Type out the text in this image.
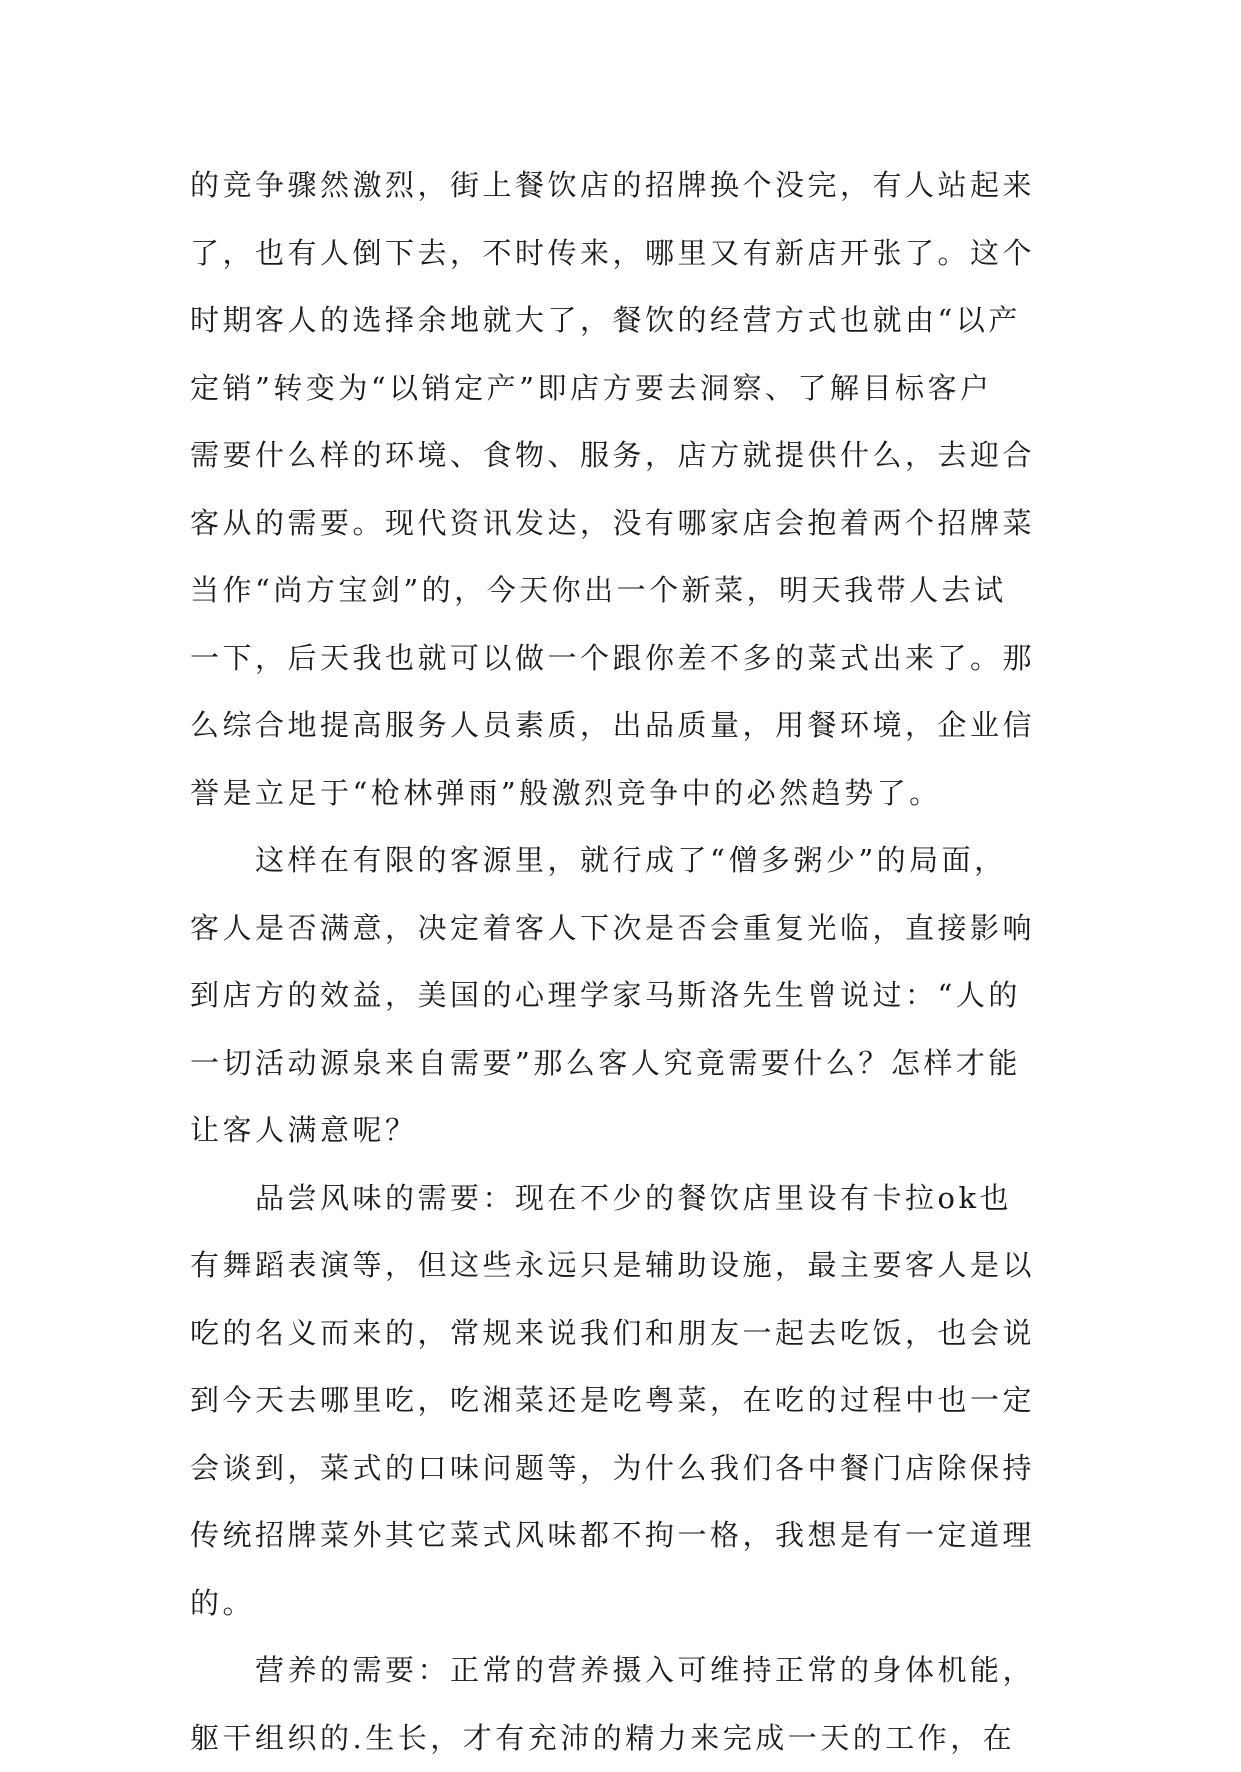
的竞争骤然激烈，街上餐饮店的招牌换个没完，有人站起来
了，也有人倒下去，不时传来，哪里又有新店开张了。这个
时期客人的选择余地就大了，餐饮的经营方式也就由“以产
定销”转变为“以销定产”即店方要去洞察、了解目标客户
需要什么样的环境、食物、服务，店方就提供什么，去迎合
客从的需要。现代资讯发达，没有哪家店会抱着两个招牌菜
当作“尚方宝剑”的，今天你出一个新菜，明天我带人去试
一下，后天我也就可以做一个跟你差不多的菜式出来了。那
么综合地提高服务人员素质，出品质量，用餐环境，企业信
誉是立足于“枪林弹雨”般激烈竞争中的必然趋势了。
这样在有限的客源里，就行成了“僧多粥少”的局面，
客人是否满意，决定着客人下次是否会重复光临，直接影响
到店方的效益，美国的心理学家马斯洛先生曾说过：“人的
一切活动源泉来自需要”那么客人究竟需要什么？怎样才能
让客人满意呢？
品尝风味的需要：现在不少的餐饮店里设有卡拉ok也
有舞蹈表演等，但这些永远只是辅助设施，最主要客人是以
吃的名义而来的，常规来说我们和朋友一起去吃饭，也会说
到今天去哪里吃，吃湘菜还是吃粤菜，在吃的过程中也一定
会谈到，菜式的口味问题等，为什么我们各中餐门店除保持
传统招牌菜外其它菜式风味都不拘一格，我想是有一定道理
的。
营养的需要：正常的营养摄入可维持正常的身体机能，
躯干组织的.生长，才有充沛的精力来完成一天的工作，在
